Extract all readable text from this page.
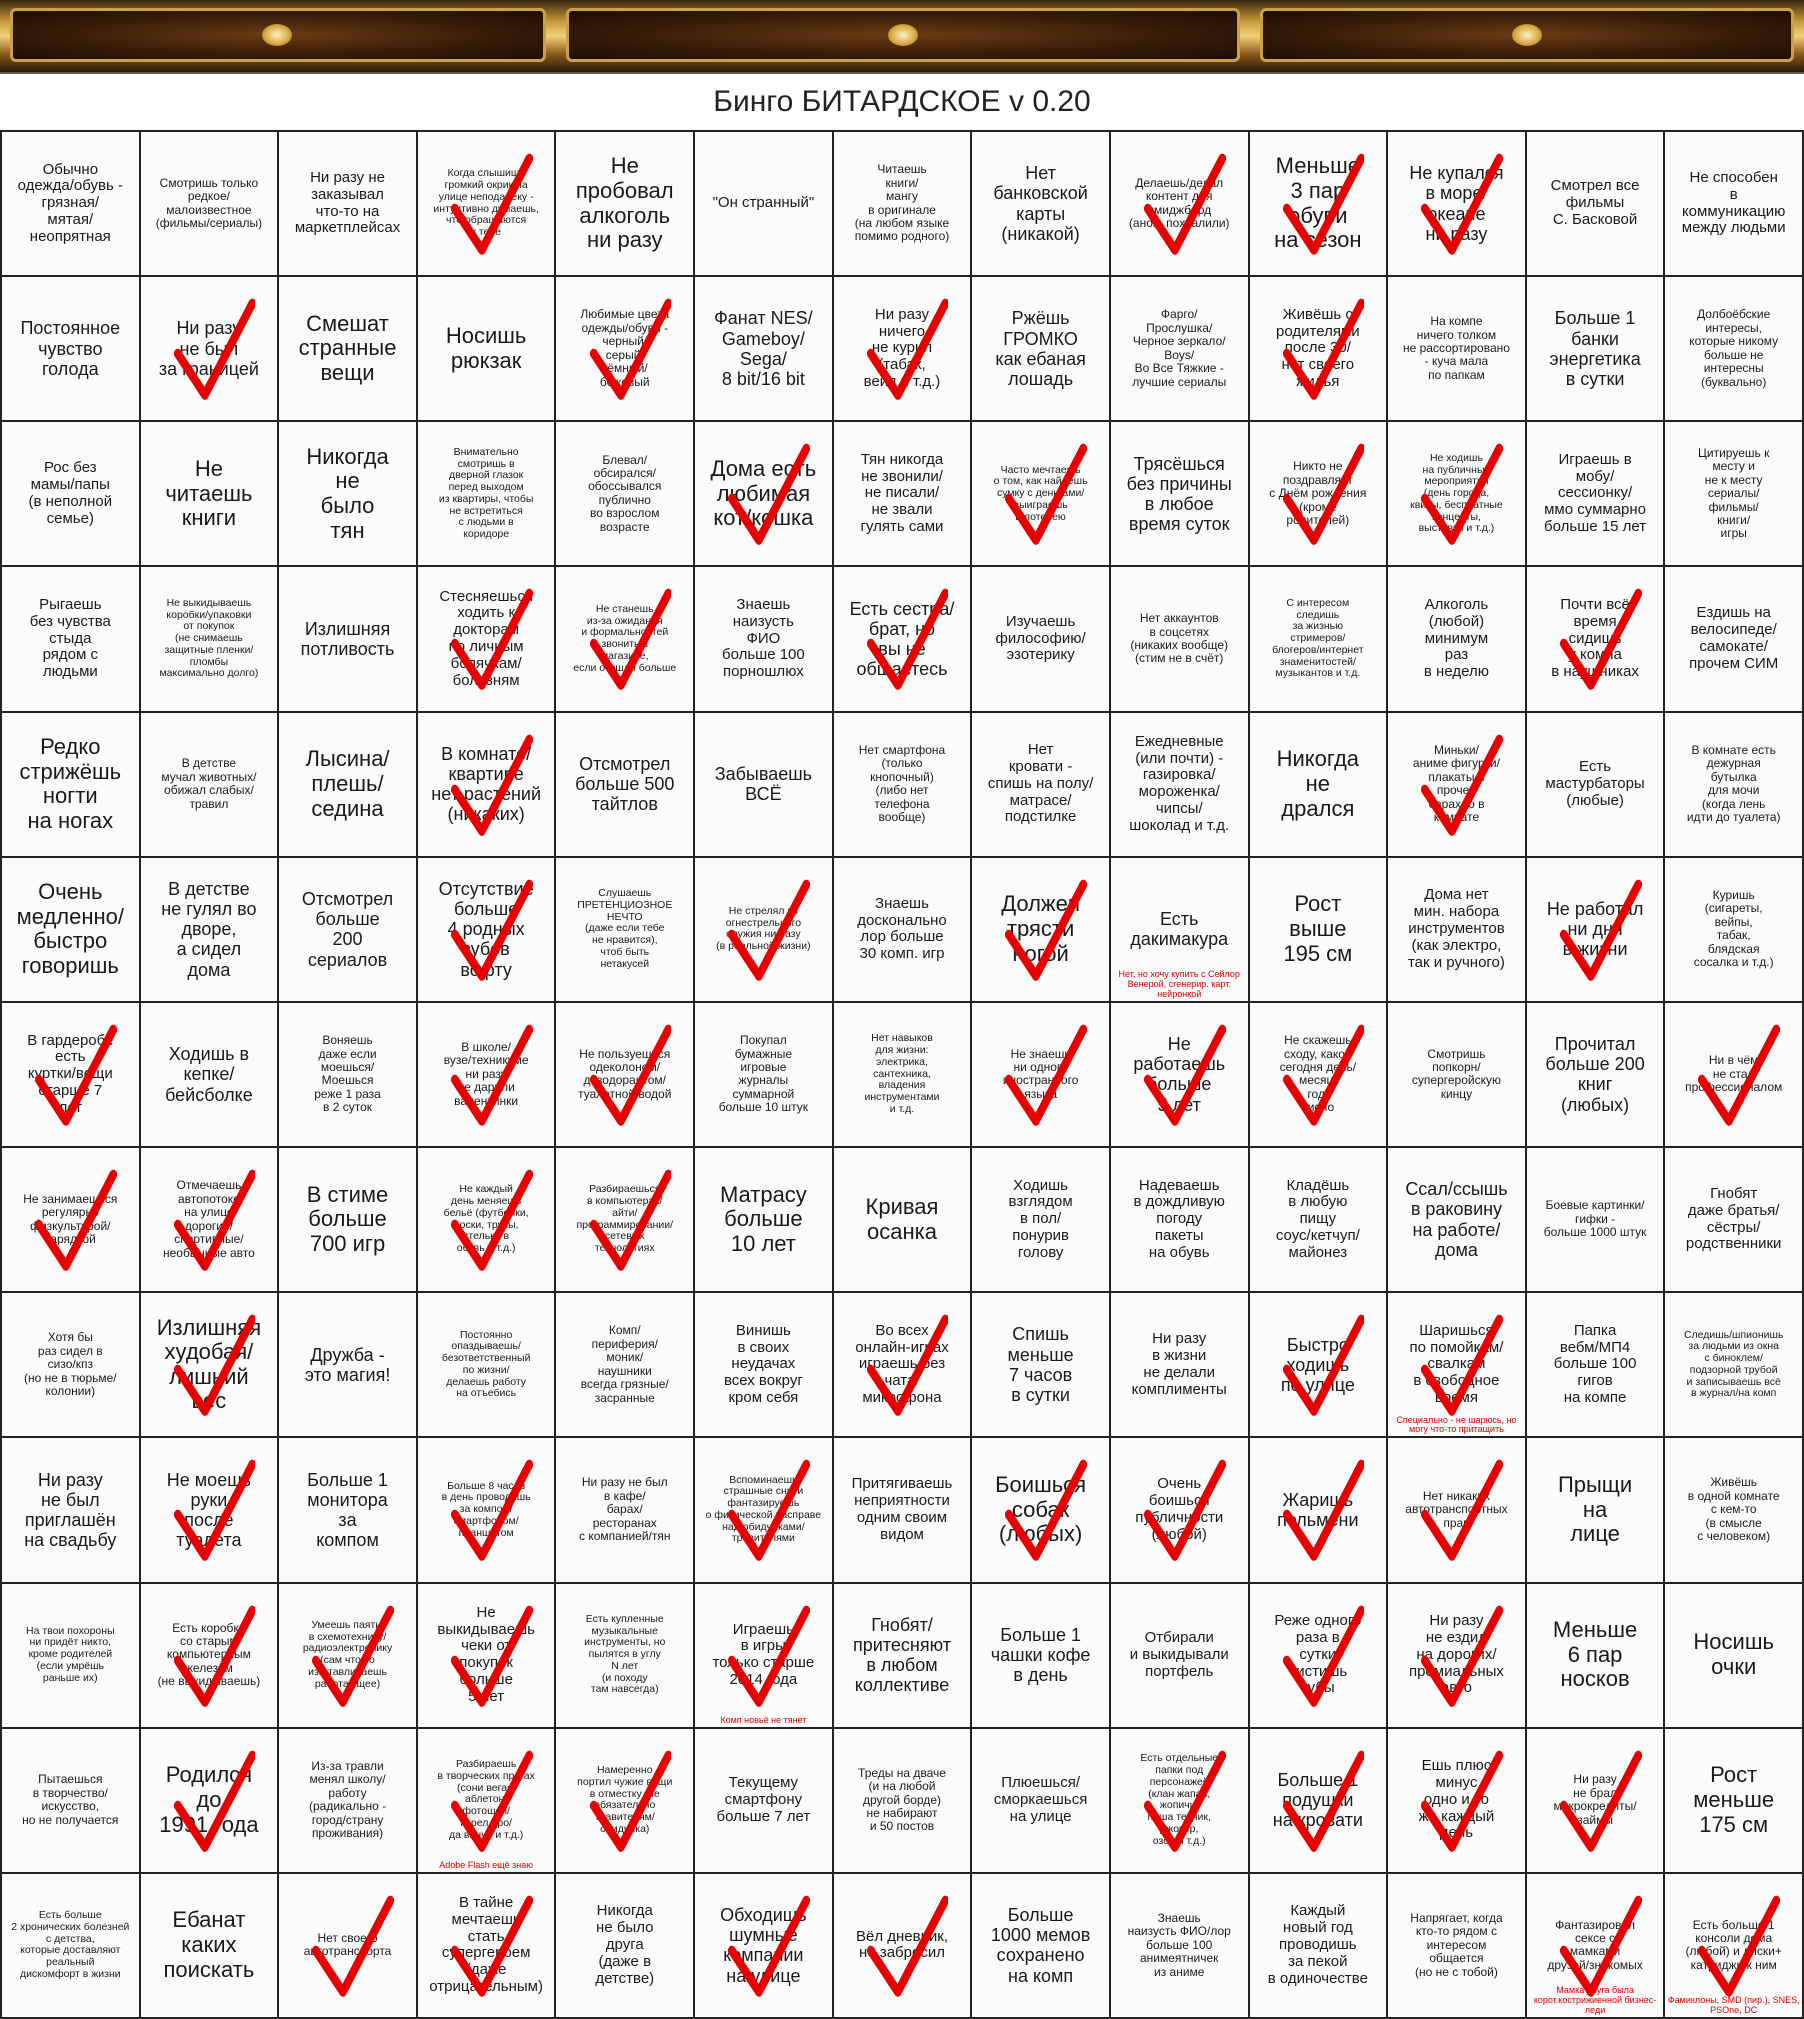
Бинго БИТАРДСКОЕ v 0.20
Обычно
одежда/обувь -
грязная/
мятая/
неопрятная
Смотришь только
редкое/
малоизвестное
(фильмы/сериалы)
Ни разу не
заказывал
что-то на
маркетплейсах
Когда слышишь
громкий окрик на
улице неподалёку -
интуитивно думаешь,
что обращаются
к тебе
Не
пробовал
алкоголь
ни разу
"Он странный"
Читаешь
книги/
мангу
в оригинале
(на любом языке
помимо родного)
Нет
банковской
карты
(никакой)
Делаешь/делал
контент для
имиджборд
(анон, похвалили)
Меньше
3 пар
обуви
на сезон
Не купался
в море/
океане
ни разу
Смотрел все
фильмы
С. Басковой
Не способен
в
коммуникацию
между людьми
Постоянное
чувство
голода
Ни разу
не был
за границей
Смешат
странные
вещи
Носишь
рюкзак
Любимые цвета
одежды/обуви -
черный/
серый/
тёмный/
бежевый
Фанат NES/
Gameboy/
Sega/
8 bit/16 bit
Ни разу
ничего
не курил
(табак,
вейп и т.д.)
Ржёшь
ГРОМКО
как ебаная
лошадь
Фарго/
Прослушка/
Черное зеркало/
Boys/
Во Все Тяжкие -
лучшие сериалы
Живёшь с
родителями
после 30/
нет своего
жилья
На компе
ничего толком
не рассортировано
- куча мала
по папкам
Больше 1
банки
энергетика
в сутки
Долбоёбские
интересы,
которые никому
больше не
интересны
(буквально)
Рос без
мамы/папы
(в неполной
семье)
Не
читаешь
книги
Никогда
не
было
тян
Внимательно
смотришь в
дверной глазок
перед выходом
из квартиры, чтобы
не встретиться
с людьми в
коридоре
Блевал/
обсирался/
обоссывался
публично
во взрослом
возрасте
Дома есть
любимая
кот/кошка
Тян никогда
не звонили/
не писали/
не звали
гулять сами
Часто мечтаешь
о том, как найдёшь
сумку с деньгами/
выиграешь
в лотерею
Трясёшься
без причины
в любое
время суток
Никто не
поздравляет
с Днём рождения
(кроме
родителей)
Не ходишь
на публичные
мероприятия
(день города,
квизы, бесплатные
концерты,
выставки и т.д.)
Играешь в
мобу/
сессионку/
ммо суммарно
больше 15 лет
Цитируешь к
месту и
не к месту
сериалы/
фильмы/
книги/
игры
Рыгаешь
без чувства
стыда
рядом с
людьми
Не выкидываешь
коробки/упаковки
от покупок
(не снимаешь
защитные пленки/
пломбы
максимально долго)
Излишняя
потливость
Стесняешься
ходить к
докторам
по личным
болячкам/
болезням
Не станешь
из-за ожидания
и формальностей
звонить в
магазине,
если отошли больше
Знаешь
наизусть
ФИО
больше 100
порношлюх
Есть сестра/
брат, но
вы не
общаетесь
Изучаешь
философию/
эзотерику
Нет аккаунтов
в соцсетях
(никаких вообще)
(стим не в счёт)
С интересом
следишь
за жизнью
стримеров/
блогеров/интернет
знаменитостей/
музыкантов и т.д.
Алкоголь
(любой)
минимум
раз
в неделю
Почти всё
время
сидишь
у компа
в наушниках
Ездишь на
велосипеде/
самокате/
прочем СИМ
Редко
стрижёшь
ногти
на ногах
В детстве
мучал животных/
обижал слабых/
травил
Лысина/
плешь/
седина
В комнате/
квартире
нет растений
(никаких)
Отсмотрел
больше 500
тайтлов
Забываешь
ВСЁ
Нет смартфона
(только
кнопочный)
(либо нет
телефона
вообще)
Нет
кровати -
спишь на полу/
матрасе/
подстилке
Ежедневные
(или почти) -
газировка/
мороженка/
чипсы/
шоколад и т.д.
Никогда
не
дрался
Миньки/
аниме фигурки/
плакаты и
прочее
барахло в
комнате
Есть
мастурбаторы
(любые)
В комнате есть
дежурная
бутылка
для мочи
(когда лень
идти до туалета)
Очень
медленно/
быстро
говоришь
В детстве
не гулял во
дворе,
а сидел
дома
Отсмотрел
больше
200
сериалов
Отсутствие
больше
4 родных
зубов
во рту
Слушаешь
ПРЕТЕНЦИОЗНОЕ
НЕЧТО
(даже если тебе
не нравится),
чтоб быть
нетакусей
Не стрелял из
огнестрельного
оружия ни разу
(в реальной жизни)
Знаешь
досконально
лор больше
30 комп. игр
Должен
трясти
ногой
Есть
дакимакура
Нет, но хочу купить с Сейлор Венерой, сгенерир. карт. нейронкой
Рост
выше
195 см
Дома нет
мин. набора
инструментов
(как электро,
так и ручного)
Не работал
ни дня
в жизни
Куришь
(сигареты,
вейпы,
табак,
блядская
сосалка и т.д.)
В гардеробе
есть
куртки/вещи
старше 7
лет
Ходишь в
кепке/
бейсболке
Воняешь
даже если
моешься/
Моешься
реже 1 раза
в 2 суток
В школе/
вузе/техникуме
ни разу
не дарили
валентинки
Не пользуешься
одеколоном/
дезодорантом/
туалетной водой
Покупал
бумажные
игровые
журналы
суммарной
больше 10 штук
Нет навыков
для жизни:
электрика,
сантехника,
владения
инструментами
и т.д.
Не знаешь
ни одного
иностранного
языка
Не
работаешь
больше
5 лет
Не скажешь
сходу, какой
сегодня день/
месяц/
год/
число
Смотришь
попкорн/
супергеройскую
кинцу
Прочитал
больше 200
книг
(любых)
Ни в чём
не стал
профессионалом
Не занимаешься
регулярно
физкультурой/
зарядкой
Отмечаешь
автопотоке
на улице
дорогие/
спортивные/
необычные авто
В стиме
больше
700 игр
Не каждый
день меняешь
бельё (футболки,
носки, трусы,
стельки в
обувь и т.д.)
Разбираешься
в компьютерах/
айти/
программировании/
сетевых
технологиях
Матрасу
больше
10 лет
Кривая
осанка
Ходишь
взглядом
в пол/
понурив
голову
Надеваешь
в дождливую
погоду
пакеты
на обувь
Кладёшь
в любую
пищу
соус/кетчуп/
майонез
Ссал/ссышь
в раковину
на работе/
дома
Боевые картинки/
гифки -
больше 1000 штук
Гнобят
даже братья/
сёстры/
родственники
Хотя бы
раз сидел в
сизо/кпз
(но не в тюрьме/
колонии)
Излишняя
худобая/
лишний
вес
Дружба -
это магия!
Постоянно
опаздываешь/
безответственный
по жизни/
делаешь работу
на отъебись
Комп/
периферия/
моник/
наушники
всегда грязные/
засранные
Винишь
в своих
неудачах
всех вокруг
кром себя
Во всех
онлайн-играх
играешь без
чата/
микрофона
Спишь
меньше
7 часов
в сутки
Ни разу
в жизни
не делали
комплименты
Быстро
ходишь
по улице
Шаришься
по помойкам/
свалкам
в свободное
время
Специально - не шарюсь, но могу что-то притащить
Папка
вебм/МП4
больше 100
гигов
на компе
Следишь/шпионишь
за людьми из окна
с биноклем/
подзорной трубой
и записываешь всё
в журнал/на комп
Ни разу
не был
приглашён
на свадьбу
Не моешь
руки
после
туалета
Больше 1
монитора
за
компом
Больше 8 часов
в день проводишь
за компом/
смартфоном/
планшетом
Ни разу не был
в кафе/
барах/
ресторанах
с компанией/тян
Вспоминаешь
страшные сны и
фантазируешь
о физической расправе
над обидчиками/
травителями
Притягиваешь
неприятности
одним своим
видом
Боишься
собак
(любых)
Очень
боишься
публичности
(любой)
Жаришь
пельмени
Нет никаких
автотранспортных
прав
Прыщи
на
лице
Живёшь
в одной комнате
с кем-то
(в смысле
с человеком)
На твои похороны
ни придёт никто,
кроме родителей
(если умрёшь
раньше их)
Есть коробка
со старым
компьютерным
железом
(не выкидываешь)
Умеешь паять/
в схемотехнику/
радиоэлектронику
(сам что-то
изготавливаешь
работающее)
Не
выкидываешь
чеки от
покупок
больше
5 лет
Есть купленные
музыкальные
инструменты, но
пылятся в углу
N лет
(и походу
там навсегда)
Играешь
в игры
только старше
2014 года
Комп новьё не тянет
Гнобят/
притесняют
в любом
коллективе
Больше 1
чашки кофе
в день
Отбирали
и выкидывали
портфель
Реже одного
раза в
сутки
чистишь
зубы
Ни разу
не ездил
на дорогих/
премиальных
авто
Меньше
6 пар
носков
Носишь
очки
Пытаешься
в творчество/
искусство,
но не получается
Родился
до
1991 года
Из-за травли
менял школу/
работу
(радикально -
город/страну
проживания)
Разбираешь
в творческих прогах
(сони вегас/
аблетон/
фотошоп/
корел дро/
да винчи и т.д.)
Adobe Flash ещё знаю
Намеренно
портил чужие вещи
в отместку (не
обязательно
травителям/
обидчика)
Текущему
смартфону
больше 7 лет
Треды на дваче
(и на любой
другой борде)
не набирают
и 50 постов
Плюешься/
сморкаешься
на улице
Есть отдельные
папки под
персонажей
(клан жапан,
жопичи,
паша техник,
джокер,
озон и т.д.)
Больше 1
подушки
на кровати
Ешь плюс
минус
одно и то
же каждый
день
Ни разу
не брал
микрокредиты/
займы
Рост
меньше
175 см
Есть больше
2 хронических болезней
с детства,
которые доставляют
реальный
дискомфорт в жизни
Ебанат
каких
поискать
Нет своего
автотранспорта
В тайне
мечтаешь
стать
супергероем
(даже
отрицательным)
Никогда
не было
друга
(даже в
детстве)
Обходишь
шумные
компании
на улице
Вёл дневник,
но забросил
Больше
1000 мемов
сохранено
на комп
Знаешь
наизусть ФИО/лор
больше 100
анимеятничек
из аниме
Каждый
новый год
проводишь
за пекой
в одиночестве
Напрягает, когда
кто-то рядом с
интересом
общается
(но не с тобой)
Фантазировал
сексе с
мамками
друзей/знакомых
Мамка друга была корот.кострижиенной бизнес-леди
Есть больше 1
консоли дома
(любой) и диски+
катриджи к ним
Фамиклоны, SMD (пир.), SNES, PSOne, DC
